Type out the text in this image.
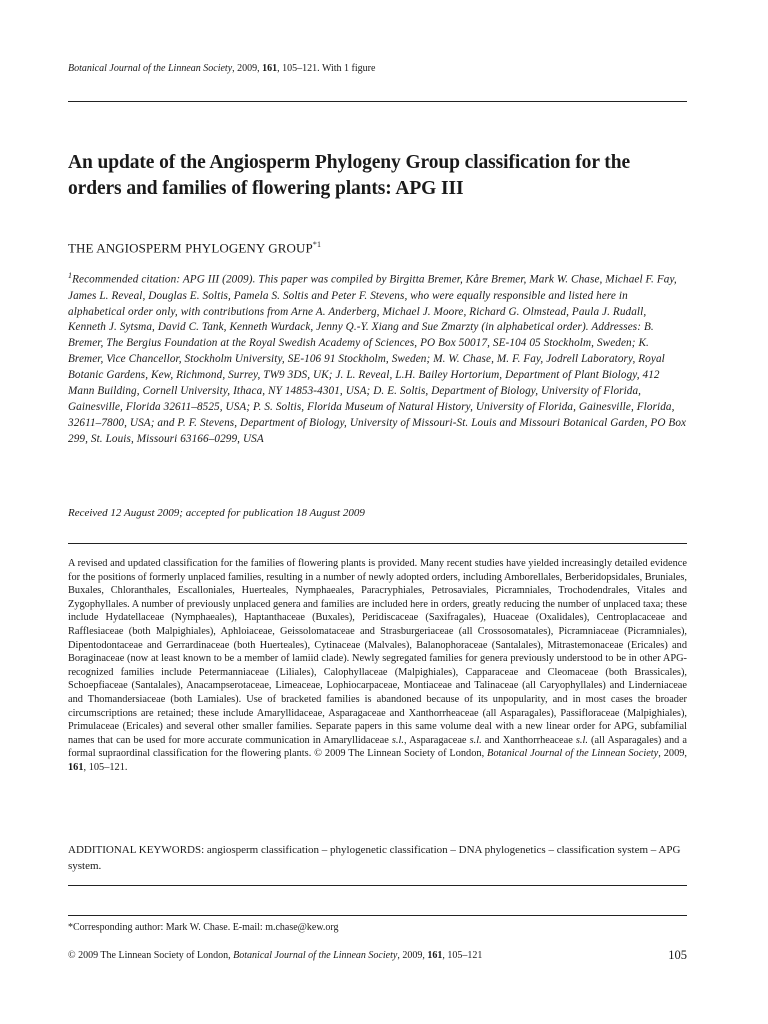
Botanical Journal of the Linnean Society, 2009, 161, 105–121. With 1 figure
An update of the Angiosperm Phylogeny Group classification for the orders and families of flowering plants: APG III
THE ANGIOSPERM PHYLOGENY GROUP$^{*1}$

$^1$Recommended citation: APG III (2009). This paper was compiled by Birgitta Bremer, Kåre Bremer, Mark W. Chase, Michael F. Fay, James L. Reveal, Douglas E. Soltis, Pamela S. Soltis and Peter F. Stevens, who were equally responsible and listed here in alphabetical order only, with contributions from Arne A. Anderberg, Michael J. Moore, Richard G. Olmstead, Paula J. Rudall, Kenneth J. Sytsma, David C. Tank, Kenneth Wurdack, Jenny Q.-Y. Xiang and Sue Zmarzty (in alphabetical order). Addresses: B. Bremer, The Bergius Foundation at the Royal Swedish Academy of Sciences, PO Box 50017, SE-104 05 Stockholm, Sweden; K. Bremer, Vice Chancellor, Stockholm University, SE-106 91 Stockholm, Sweden; M. W. Chase, M. F. Fay, Jodrell Laboratory, Royal Botanic Gardens, Kew, Richmond, Surrey, TW9 3DS, UK; J. L. Reveal, L.H. Bailey Hortorium, Department of Plant Biology, 412 Mann Building, Cornell University, Ithaca, NY 14853-4301, USA; D. E. Soltis, Department of Biology, University of Florida, Gainesville, Florida 32611–8525, USA; P. S. Soltis, Florida Museum of Natural History, University of Florida, Gainesville, Florida, 32611–7800, USA; and P. F. Stevens, Department of Biology, University of Missouri-St. Louis and Missouri Botanical Garden, PO Box 299, St. Louis, Missouri 63166–0299, USA

Received 12 August 2009; accepted for publication 18 August 2009

A revised and updated classification for the families of flowering plants is provided. Many recent studies have yielded increasingly detailed evidence for the positions of formerly unplaced families, resulting in a number of newly adopted orders, including Amborellales, Berberidopsidales, Bruniales, Buxales, Chloranthales, Escalloniales, Huerteales, Nymphaeales, Paracryphiales, Petrosaviales, Picramniales, Trochodendrales, Vitales and Zygophyllales. A number of previously unplaced genera and families are included here in orders, greatly reducing the number of unplaced taxa; these include Hydatellaceae (Nymphaeales), Haptanthaceae (Buxales), Peridiscaceae (Saxifragales), Huaceae (Oxalidales), Centroplacaceae and Rafflesiaceae (both Malpighiales), Aphloiaceae, Geissolomataceae and Strasburgeriaceae (all Crossosomatales), Picramniaceae (Picramniales), Dipentodontaceae and Gerrardinaceae (both Huerteales), Cytinaceae (Malvales), Balanophoraceae (Santalales), Mitrastemonaceae (Ericales) and Boraginaceae (now at least known to be a member of lamiid clade). Newly segregated families for genera previously understood to be in other APG-recognized families include Petermanniaceae (Liliales), Calophyllaceae (Malpighiales), Capparaceae and Cleomaceae (both Brassicales), Schoepfiaceae (Santalales), Anacampserotaceae, Limeaceae, Lophiocarpaceae, Montiaceae and Talinaceae (all Caryophyllales) and Linderniaceae and Thomandersiaceae (both Lamiales). Use of bracketed families is abandoned because of its unpopularity, and in most cases the broader circumscriptions are retained; these include Amaryllidaceae, Asparagaceae and Xanthorrheaceae (all Asparagales), Passifloraceae (Malpighiales), Primulaceae (Ericales) and several other smaller families. Separate papers in this same volume deal with a new linear order for APG, subfamilial names that can be used for more accurate communication in Amaryllidaceae s.l., Asparagaceae s.l. and Xanthorrheaceae s.l. (all Asparagales) and a formal supraordinal classification for the flowering plants. © 2009 The Linnean Society of London, Botanical Journal of the Linnean Society, 2009, 161, 105–121.

ADDITIONAL KEYWORDS: angiosperm classification – phylogenetic classification – DNA phylogenetics – classification system – APG system.

*Corresponding author: Mark W. Chase. E-mail: m.chase@kew.org
© 2009 The Linnean Society of London, Botanical Journal of the Linnean Society, 2009, 161, 105–121	105
